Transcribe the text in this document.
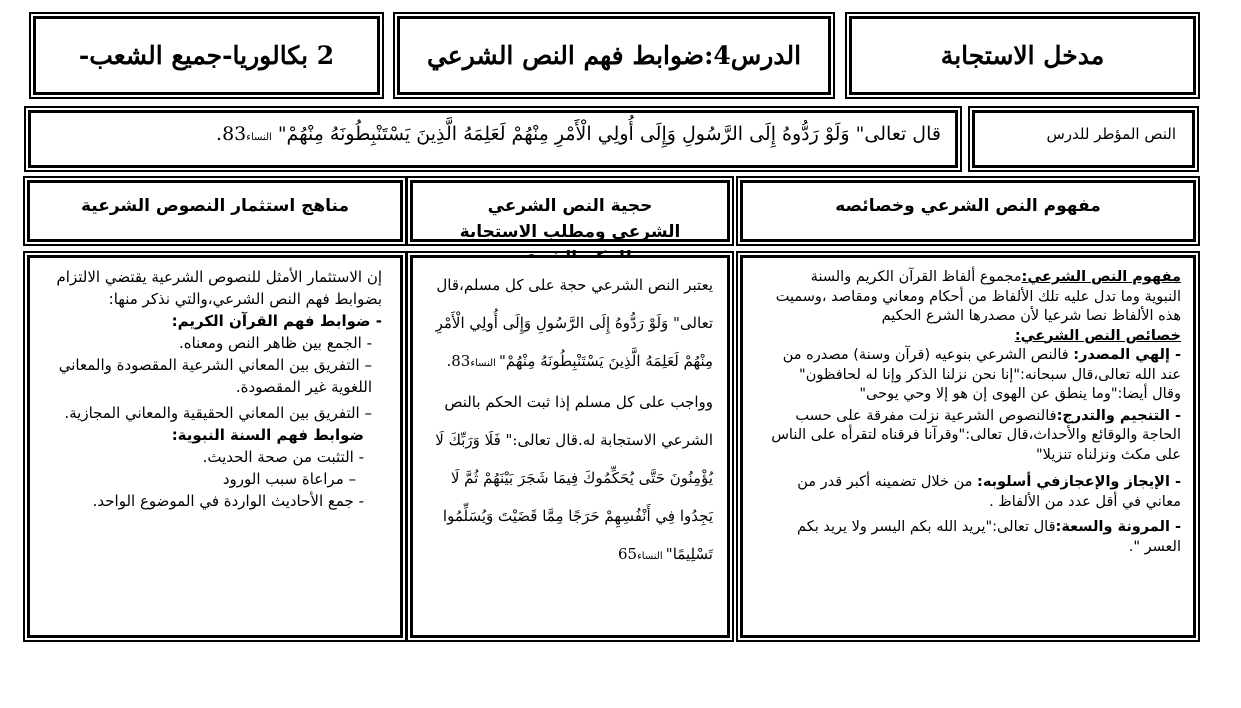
مدخل الاستجابة
الدرس4:ضوابط فهم النص الشرعي
2 بكالوريا-جميع الشعب-
النص المؤطر للدرس
قال تعالى" وَلَوْ رَدُّوهُ إِلَى الرَّسُولِ وَإِلَى أُولِي الْأَمْرِ مِنْهُمْ لَعَلِمَهُ الَّذِينَ يَسْتَنْبِطُونَهُ مِنْهُمْ" النساء83.
مفهوم النص الشرعي وخصائصه
حجية النص الشرعي الشرعي ومطلب الاستجابة
مناهج استثمار النصوص الشرعية

مفهوم النص الشرعي:مجموع ألفاظ القرآن الكريم والسنة النبوية وما تدل عليه تلك الألفاظ من أحكام ومعاني ومقاصد ،وسميت هذه الألفاظ نصا شرعيا لأن مصدرها الشرع الحكيم

خصائص النص الشرعي:

- إلهي المصدر: فالنص الشرعي بنوعيه (قرآن وسنة) مصدره من عند الله تعالى،قال سبحانه:"إنا نحن نزلنا الذكر وإنا له لحافظون" وقال أيضا:"وما ينطق عن الهوى إن هو إلا وحي يوحى"

- التنجيم والتدرج:فالنصوص الشرعية نزلت مفرقة على حسب الحاجة والوقائع والأحداث،قال تعالى:"وقرآنا فرقناه لتقرأه على الناس على مكث ونزلناه تنزيلا"

- الإيجاز والإعجازفي أسلوبه: من خلال تضمينه أكبر قدر من معاني في أقل عدد من الألفاظ .

- المرونة والسعة:قال تعالى:"يريد الله بكم اليسر ولا يريد بكم العسر ".

يعتبر النص الشرعي حجة على كل مسلم،قال تعالى" وَلَوْ رَدُّوهُ إِلَى الرَّسُولِ وَإِلَى أُولِي الْأَمْرِ مِنْهُمْ لَعَلِمَهُ الَّذِينَ يَسْتَنْبِطُونَهُ مِنْهُمْ" النساء83. وواجب على كل مسلم إذا ثبت الحكم بالنص الشرعي الاستجابة له.قال تعالى:" فَلَا وَرَبِّكَ لَا يُؤْمِنُونَ حَتَّى يُحَكِّمُوكَ فِيمَا شَجَرَ بَيْنَهُمْ ثُمَّ لَا يَجِدُوا فِي أَنْفُسِهِمْ حَرَجًا مِمَّا قَضَيْتَ وَيُسَلِّمُوا تَسْلِيمًا" النساء65

إن الاستثمار الأمثل للنصوص الشرعية يقتضي الالتزام بضوابط فهم النص الشرعي،والتي نذكر منها:

- ضوابط فهم القرآن الكريم:

- الجمع بين ظاهر النص ومعناه.

– التفريق بين المعاني الشرعية المقصودة والمعاني اللغوية غير المقصودة.

– التفريق بين المعاني الحقيقية والمعاني المجازية.

ضوابط فهم السنة النبوية:

- التثبت من صحة الحديث.

– مراعاة سبب الورود

- جمع الأحاديث الواردة في الموضوع الواحد.
